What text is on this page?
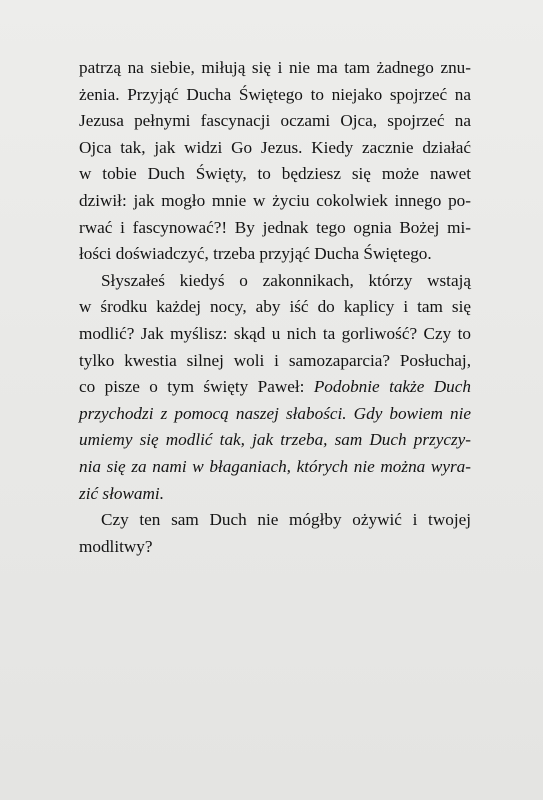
patrzą na siebie, miłują się i nie ma tam żadnego znu-
żenia. Przyjąć Ducha Świętego to niejako spojrzeć na
Jezusa pełnymi fascynacji oczami Ojca, spojrzeć na
Ojca tak, jak widzi Go Jezus. Kiedy zacznie działać
w tobie Duch Święty, to będziesz się może nawet
dziwił: jak mogło mnie w życiu cokolwiek innego po-
rwać i fascynować?! By jednak tego ognia Bożej mi-
łości doświadczyć, trzeba przyjąć Ducha Świętego.
Słyszałeś kiedyś o zakonnikach, którzy wstają
w środku każdej nocy, aby iść do kaplicy i tam się
modlić? Jak myślisz: skąd u nich ta gorliwość? Czy to
tylko kwestia silnej woli i samozaparcia? Posłuchaj,
co pisze o tym święty Paweł: Podobnie także Duch
przychodzi z pomocą naszej słabości. Gdy bowiem nie
umiemy się modlić tak, jak trzeba, sam Duch przyczy-
nia się za nami w błaganiach, których nie można wyra-
zić słowami.
Czy ten sam Duch nie mógłby ożywić i twojej
modlitwy?
